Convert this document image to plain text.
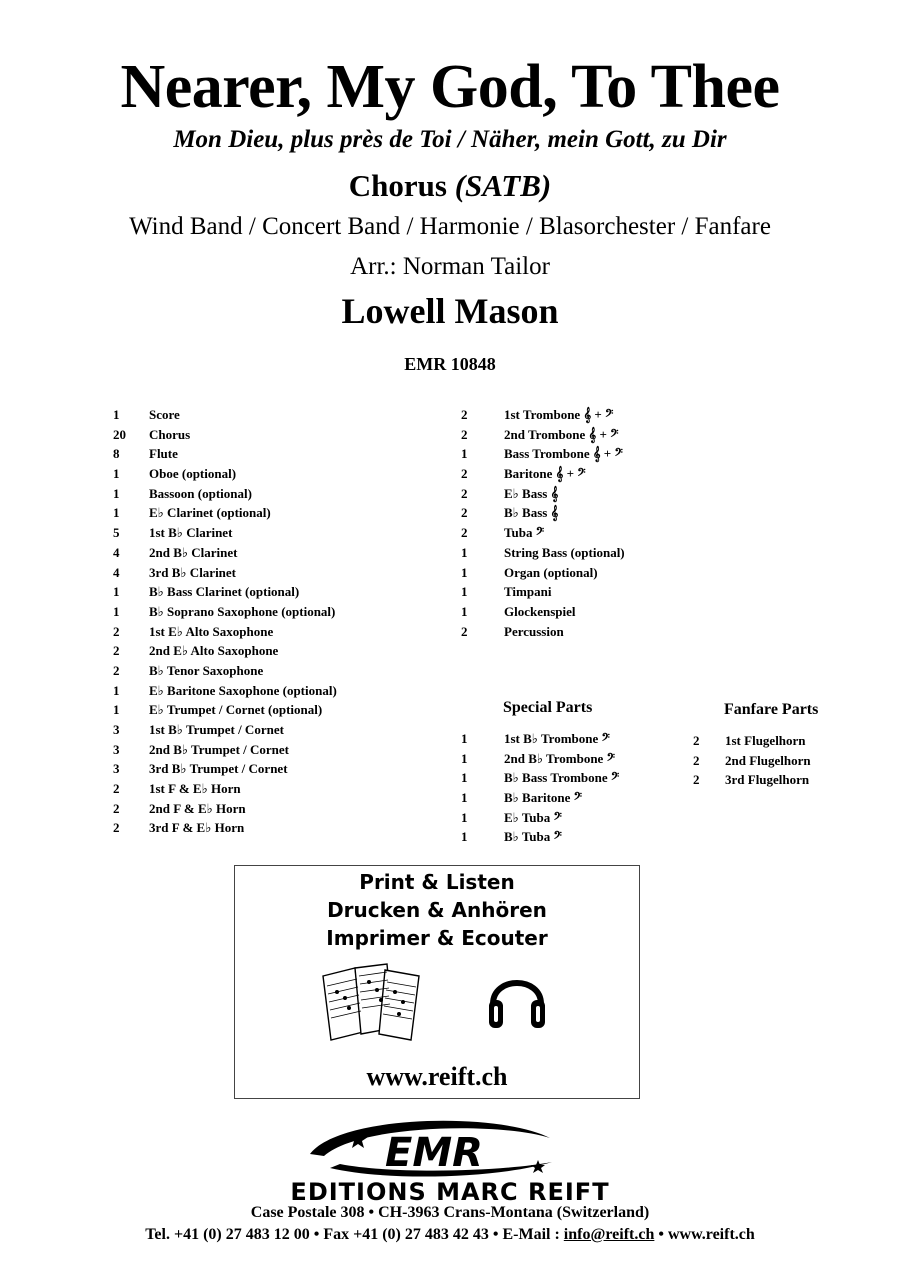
Nearer, My God, To Thee
Mon Dieu, plus près de Toi / Näher, mein Gott, zu Dir
Chorus (SATB)
Wind Band / Concert Band / Harmonie / Blasorchester / Fanfare
Arr.: Norman Tailor
Lowell Mason
EMR 10848
1 Score
20 Chorus
8 Flute
1 Oboe (optional)
1 Bassoon (optional)
1 E♭ Clarinet (optional)
5 1st B♭ Clarinet
4 2nd B♭ Clarinet
4 3rd B♭ Clarinet
1 B♭ Bass Clarinet (optional)
1 B♭ Soprano Saxophone (optional)
2 1st E♭ Alto Saxophone
2 2nd E♭ Alto Saxophone
2 B♭ Tenor Saxophone
1 E♭ Baritone Saxophone (optional)
1 E♭ Trumpet / Cornet (optional)
3 1st B♭ Trumpet / Cornet
3 2nd B♭ Trumpet / Cornet
3 3rd B♭ Trumpet / Cornet
2 1st F & E♭ Horn
2 2nd F & E♭ Horn
2 3rd F & E♭ Horn
2	1st Trombone 𝄞 + 𝄢
2	2nd Trombone 𝄞 + 𝄢
1	Bass Trombone 𝄞 + 𝄢
2	Baritone 𝄞 + 𝄢
2	E♭ Bass 𝄞
2	B♭ Bass 𝄞
2	Tuba 𝄢
1	String Bass (optional)
1	Organ (optional)
1	Timpani
1	Glockenspiel
2	Percussion
Special Parts
1	1st B♭ Trombone 𝄢
1	2nd B♭ Trombone 𝄢
1	B♭ Bass Trombone 𝄢
1	B♭ Baritone 𝄢
1	E♭ Tuba 𝄢
1	B♭ Tuba 𝄢
Fanfare Parts
2 1st Flugelhorn
2 2nd Flugelhorn
2 3rd Flugelhorn
Print & Listen
Drucken & Anhören
Imprimer & Ecouter
www.reift.ch
EMR
EDITIONS MARC REIFT
Case Postale 308 • CH-3963 Crans-Montana (Switzerland)
Tel. +41 (0) 27 483 12 00 • Fax +41 (0) 27 483 42 43 • E-Mail : info@reift.ch • www.reift.ch
